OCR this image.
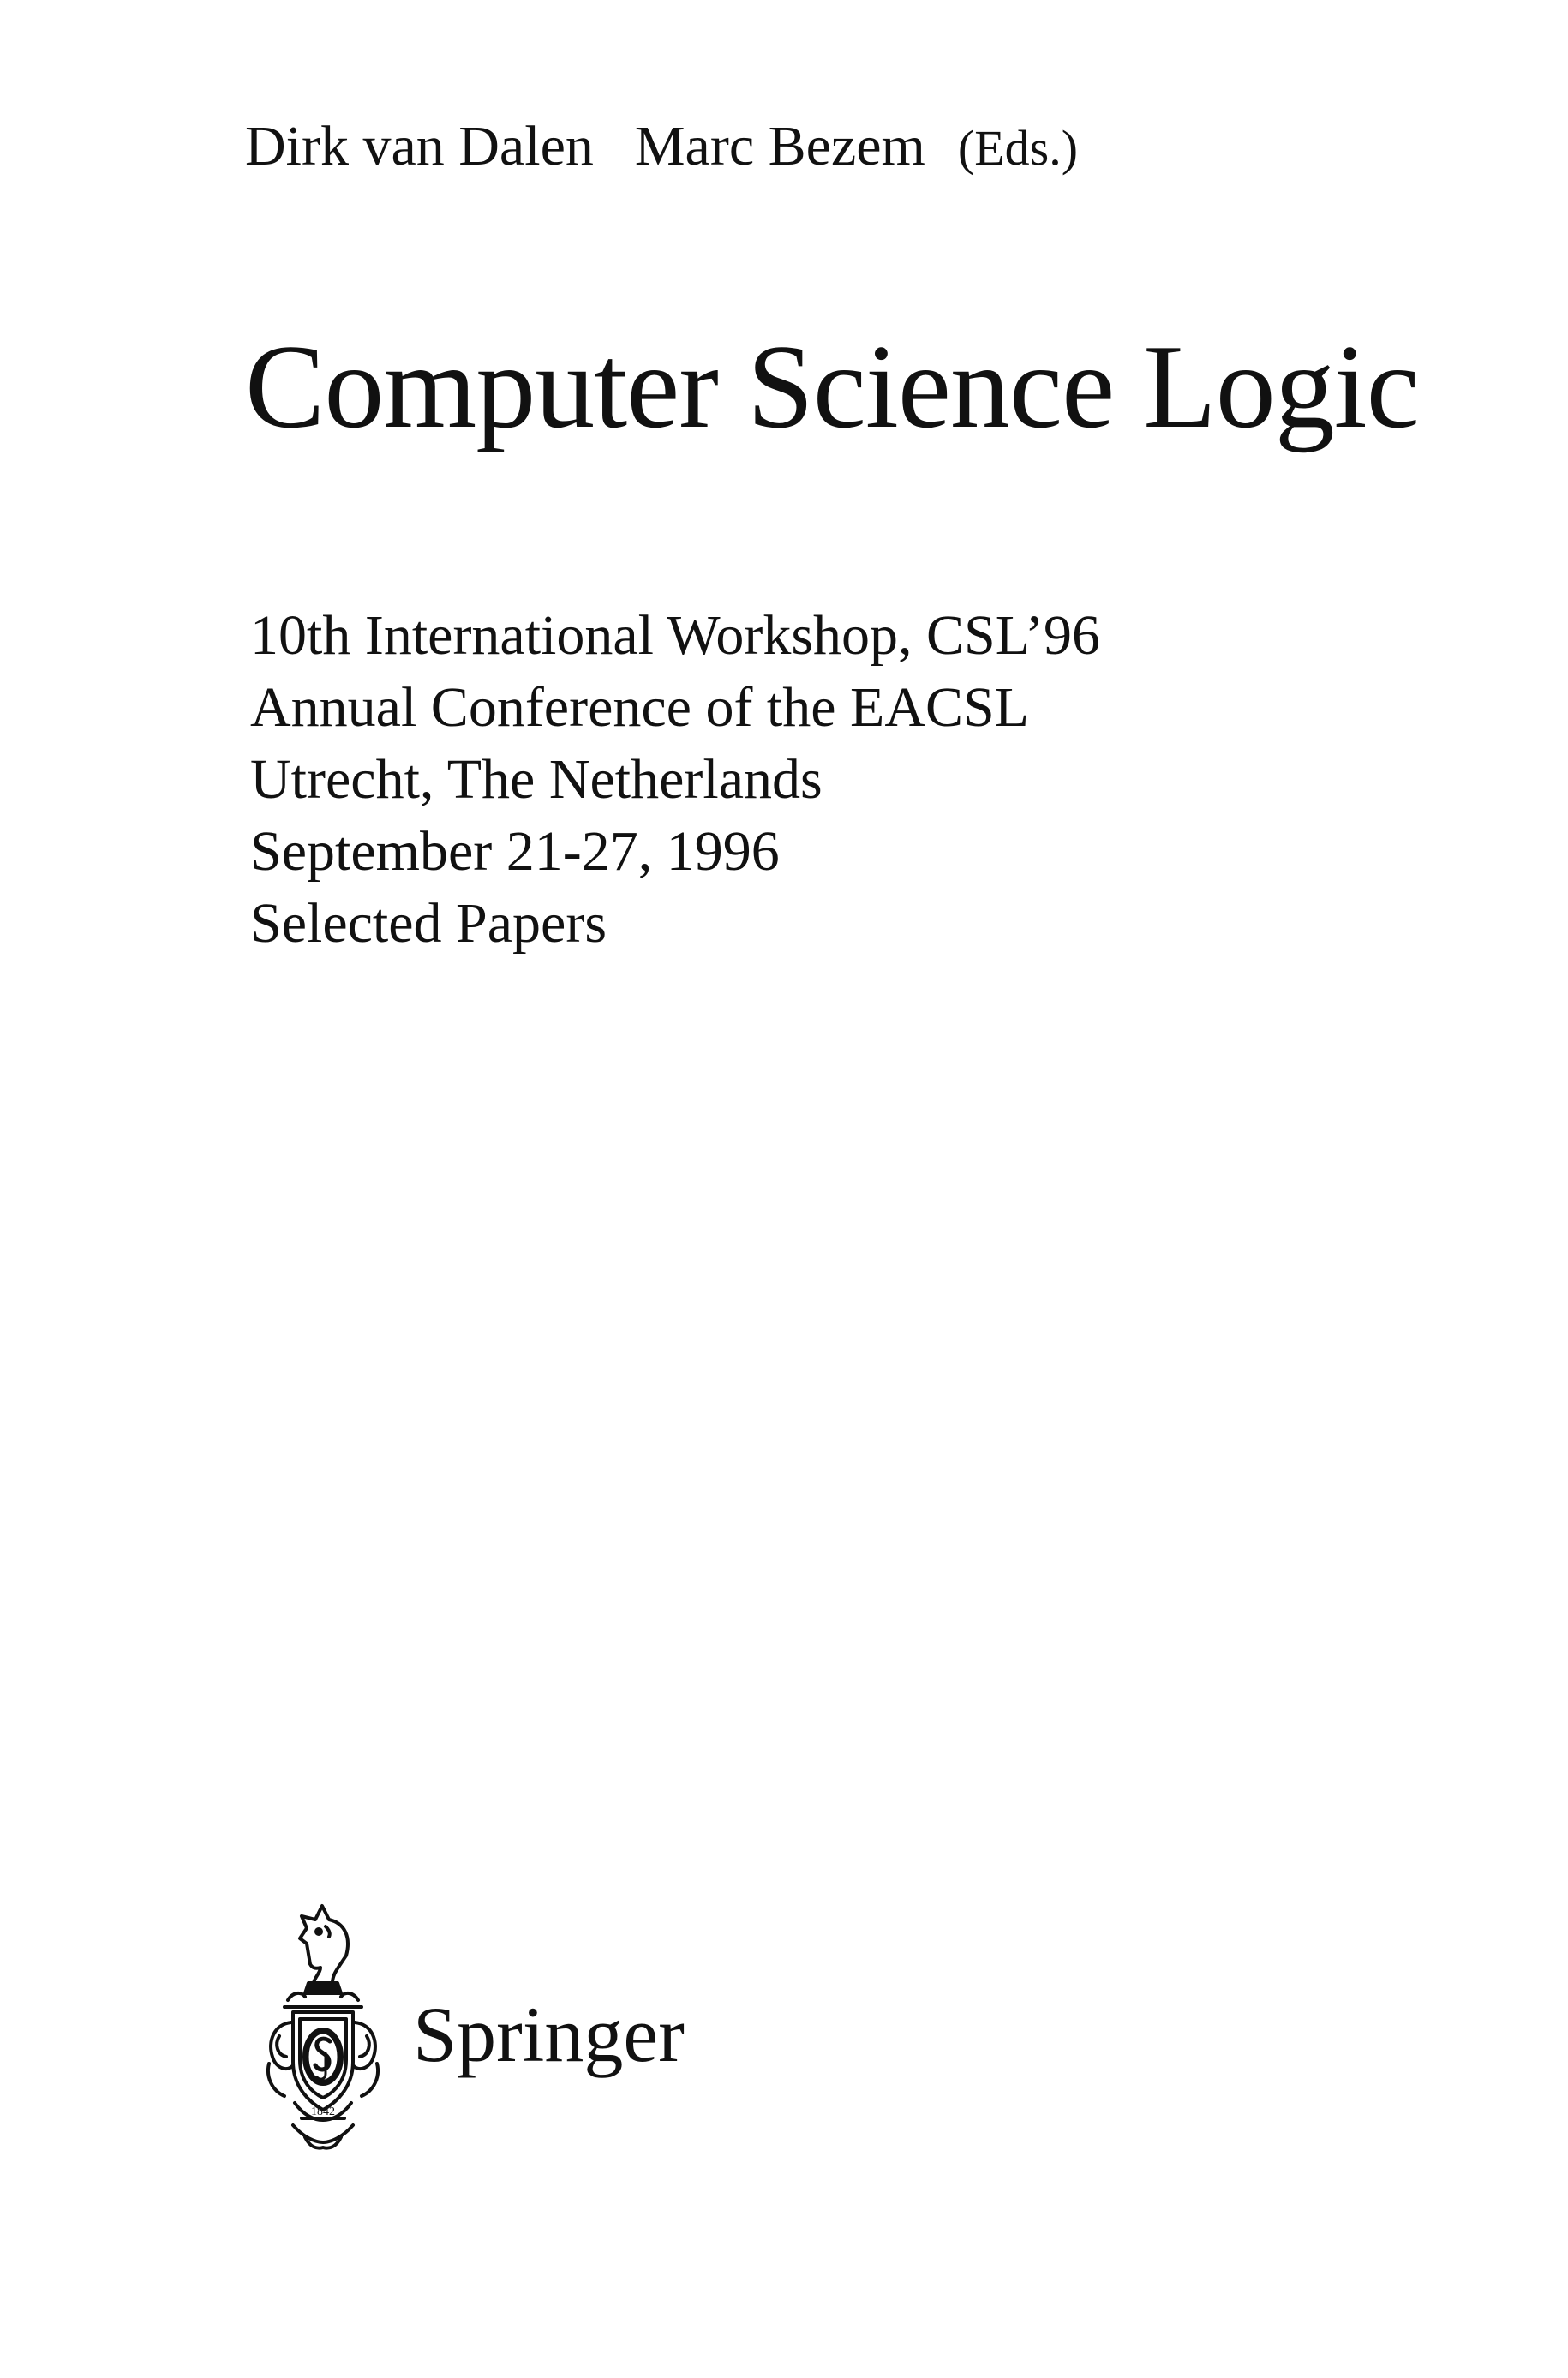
Dirk van Dalen Marc Bezem (Eds.)
Computer Science Logic
10th International Workshop, CSL’96
Annual Conference of the EACSL
Utrecht, The Netherlands
September 21-27, 1996
Selected Papers
1842
Springer
